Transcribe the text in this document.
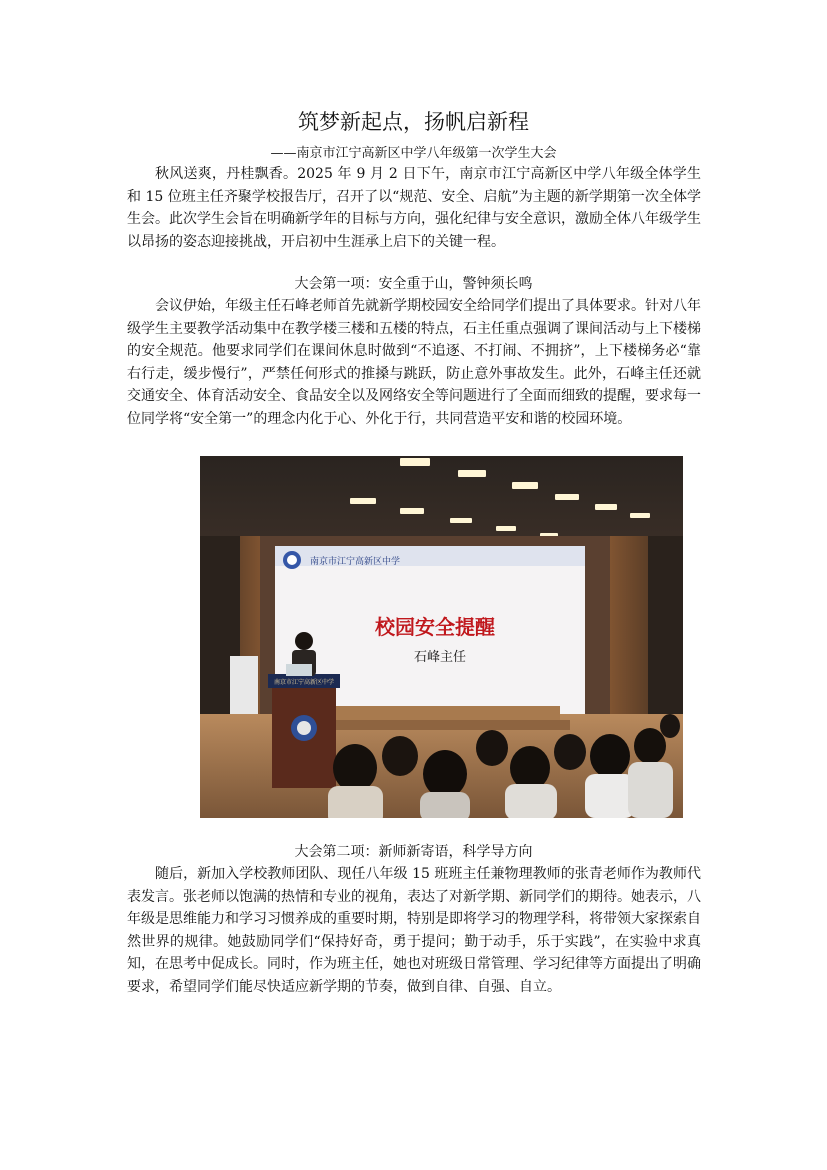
筑梦新起点，扬帆启新程
——南京市江宁高新区中学八年级第一次学生大会

秋风送爽，丹桂飘香。2025 年 9 月 2 日下午，南京市江宁高新区中学八年级全体学生和 15 位班主任齐聚学校报告厅，召开了以“规范、安全、启航”为主题的新学期第一次全体学生会。此次学生会旨在明确新学年的目标与方向，强化纪律与安全意识，激励全体八年级学生以昂扬的姿态迎接挑战，开启初中生涯承上启下的关键一程。

大会第一项：安全重于山，警钟须长鸣

会议伊始，年级主任石峰老师首先就新学期校园安全给同学们提出了具体要求。针对八年级学生主要教学活动集中在教学楼三楼和五楼的特点，石主任重点强调了课间活动与上下楼梯的安全规范。他要求同学们在课间休息时做到“不追逐、不打闹、不拥挤”，上下楼梯务必“靠右行走，缓步慢行”，严禁任何形式的推搡与跳跃，防止意外事故发生。此外，石峰主任还就交通安全、体育活动安全、食品安全以及网络安全等问题进行了全面而细致的提醒，要求每一位同学将“安全第一”的理念内化于心、外化于行，共同营造平安和谐的校园环境。

南京市江宁高新区中学
校园安全提醒
石峰主任
南京市江宁高新区中学
大会第二项：新师新寄语，科学导方向

随后，新加入学校教师团队、现任八年级 15 班班主任兼物理教师的张青老师作为教师代表发言。张老师以饱满的热情和专业的视角，表达了对新学期、新同学们的期待。她表示，八年级是思维能力和学习习惯养成的重要时期，特别是即将学习的物理学科，将带领大家探索自然世界的规律。她鼓励同学们“保持好奇，勇于提问；勤于动手，乐于实践”，在实验中求真知，在思考中促成长。同时，作为班主任，她也对班级日常管理、学习纪律等方面提出了明确要求，希望同学们能尽快适应新学期的节奏，做到自律、自强、自立。
